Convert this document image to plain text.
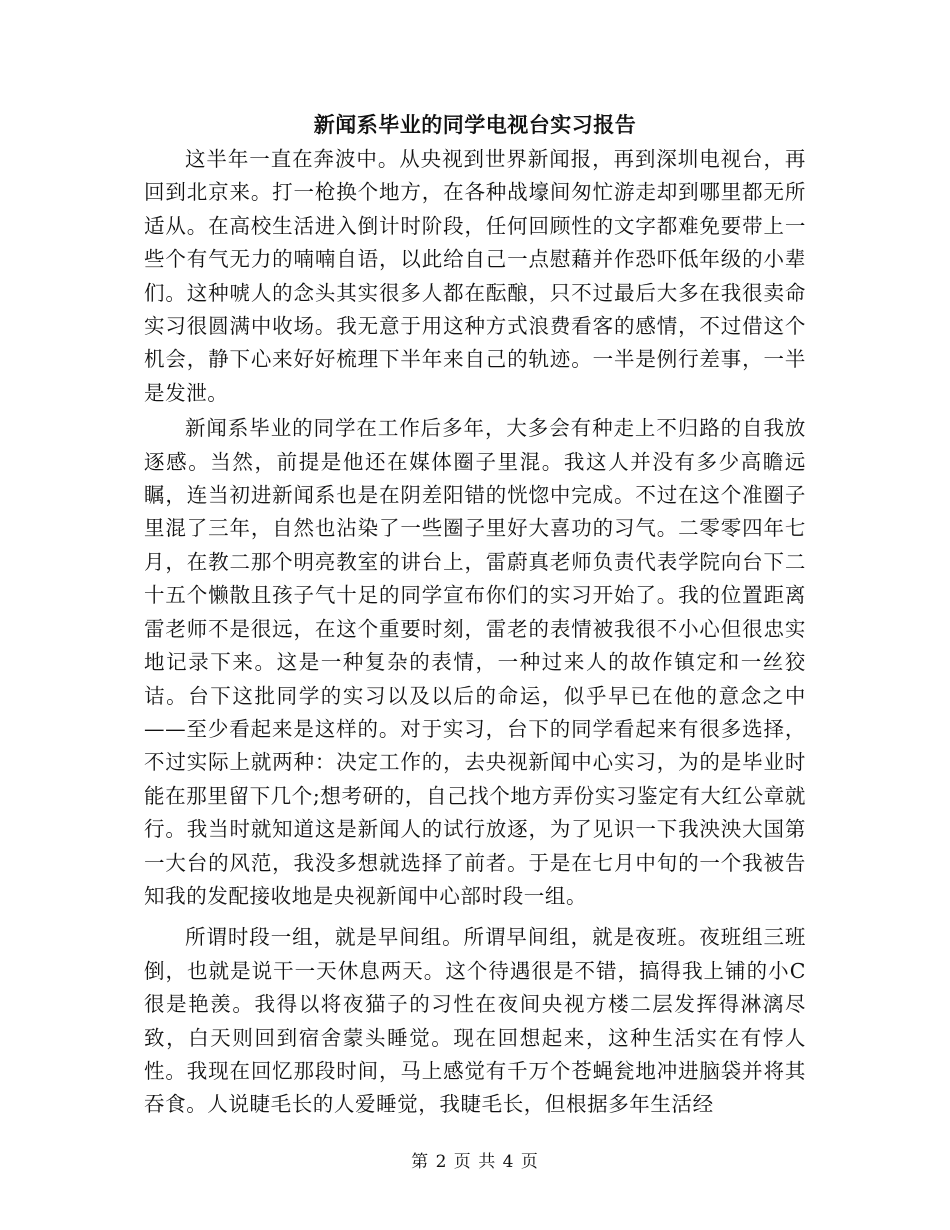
新闻系毕业的同学电视台实习报告

这半年一直在奔波中。从央视到世界新闻报，再到深圳电视台，再回到北京来。打一枪换个地方，在各种战壕间匆忙游走却到哪里都无所适从。在高校生活进入倒计时阶段，任何回顾性的文字都难免要带上一些个有气无力的喃喃自语，以此给自己一点慰藉并作恐吓低年级的小辈们。这种唬人的念头其实很多人都在酝酿，只不过最后大多在我很卖命实习很圆满中收场。我无意于用这种方式浪费看客的感情，不过借这个机会，静下心来好好梳理下半年来自己的轨迹。一半是例行差事，一半是发泄。

新闻系毕业的同学在工作后多年，大多会有种走上不归路的自我放逐感。当然，前提是他还在媒体圈子里混。我这人并没有多少高瞻远瞩，连当初进新闻系也是在阴差阳错的恍惚中完成。不过在这个准圈子里混了三年，自然也沾染了一些圈子里好大喜功的习气。二零零四年七月，在教二那个明亮教室的讲台上，雷蔚真老师负责代表学院向台下二十五个懒散且孩子气十足的同学宣布你们的实习开始了。我的位置距离雷老师不是很远，在这个重要时刻，雷老的表情被我很不小心但很忠实地记录下来。这是一种复杂的表情，一种过来人的故作镇定和一丝狡诘。台下这批同学的实习以及以后的命运，似乎早已在他的意念之中——至少看起来是这样的。对于实习，台下的同学看起来有很多选择，不过实际上就两种：决定工作的，去央视新闻中心实习，为的是毕业时能在那里留下几个;想考研的，自己找个地方弄份实习鉴定有大红公章就行。我当时就知道这是新闻人的试行放逐，为了见识一下我泱泱大国第一大台的风范，我没多想就选择了前者。于是在七月中旬的一个我被告知我的发配接收地是央视新闻中心部时段一组。

所谓时段一组，就是早间组。所谓早间组，就是夜班。夜班组三班倒，也就是说干一天休息两天。这个待遇很是不错，搞得我上铺的小C很是艳羡。我得以将夜猫子的习性在夜间央视方楼二层发挥得淋漓尽致，白天则回到宿舍蒙头睡觉。现在回想起来，这种生活实在有悖人性。我现在回忆那段时间，马上感觉有千万个苍蝇瓮地冲进脑袋并将其吞食。人说睫毛长的人爱睡觉，我睫毛长，但根据多年生活经

第 2 页 共 4 页
